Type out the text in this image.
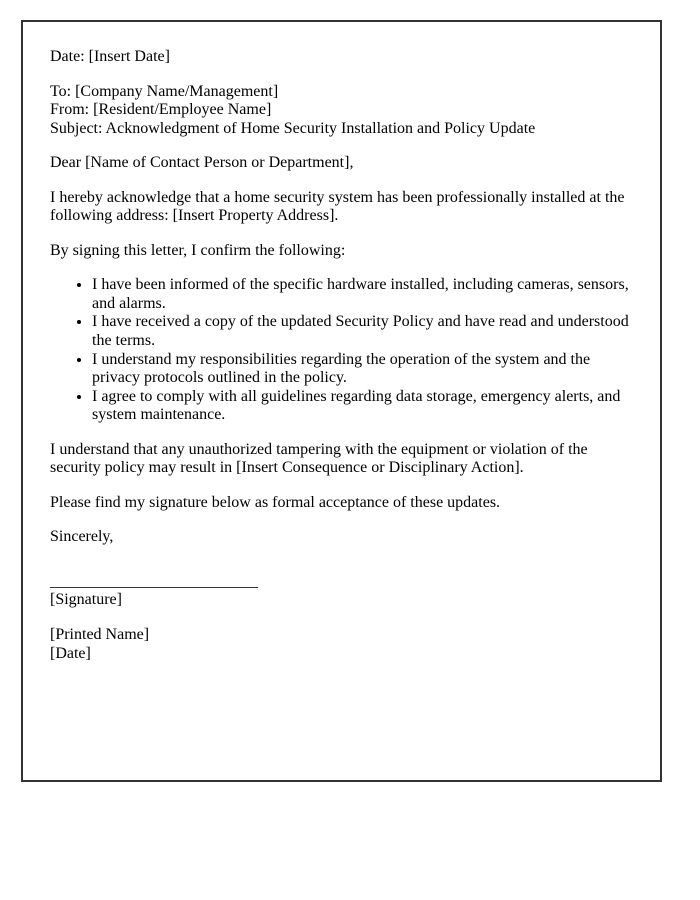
Date: [Insert Date]

To: [Company Name/Management]

From: [Resident/Employee Name]

Subject: Acknowledgment of Home Security Installation and Policy Update

Dear [Name of Contact Person or Department],

I hereby acknowledge that a home security system has been professionally installed at the following address: [Insert Property Address].

By signing this letter, I confirm the following:

• I have been informed of the specific hardware installed, including cameras, sensors, and alarms.
• I have received a copy of the updated Security Policy and have read and understood the terms.
• I understand my responsibilities regarding the operation of the system and the privacy protocols outlined in the policy.
• I agree to comply with all guidelines regarding data storage, emergency alerts, and system maintenance.

I understand that any unauthorized tampering with the equipment or violation of the security policy may result in [Insert Consequence or Disciplinary Action].

Please find my signature below as formal acceptance of these updates.

Sincerely,

__________________________

[Signature]

[Printed Name]

[Date]
